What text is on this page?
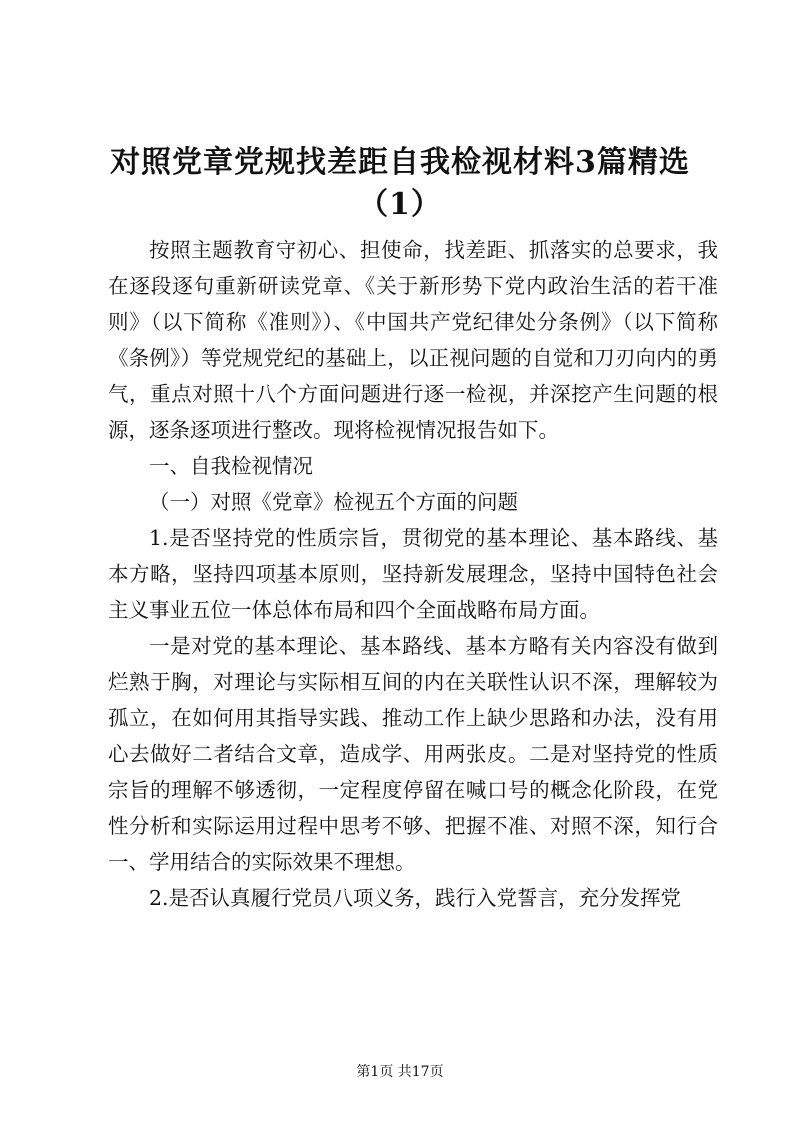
对照党章党规找差距自我检视材料3篇精选
（1）

按照主题教育守初心、担使命，找差距、抓落实的总要求，我在逐段逐句重新研读党章、《关于新形势下党内政治生活的若干准则》（以下简称《准则》）、《中国共产党纪律处分条例》（以下简称《条例》）等党规党纪的基础上，以正视问题的自觉和刀刃向内的勇气，重点对照十八个方面问题进行逐一检视，并深挖产生问题的根源，逐条逐项进行整改。现将检视情况报告如下。

一、自我检视情况

（一）对照《党章》检视五个方面的问题

1.是否坚持党的性质宗旨，贯彻党的基本理论、基本路线、基本方略，坚持四项基本原则，坚持新发展理念，坚持中国特色社会主义事业五位一体总体布局和四个全面战略布局方面。

一是对党的基本理论、基本路线、基本方略有关内容没有做到烂熟于胸，对理论与实际相互间的内在关联性认识不深，理解较为孤立，在如何用其指导实践、推动工作上缺少思路和办法，没有用心去做好二者结合文章，造成学、用两张皮。二是对坚持党的性质宗旨的理解不够透彻，一定程度停留在喊口号的概念化阶段，在党性分析和实际运用过程中思考不够、把握不准、对照不深，知行合一、学用结合的实际效果不理想。

2.是否认真履行党员八项义务，践行入党誓言，充分发挥党

第1页 共17页
